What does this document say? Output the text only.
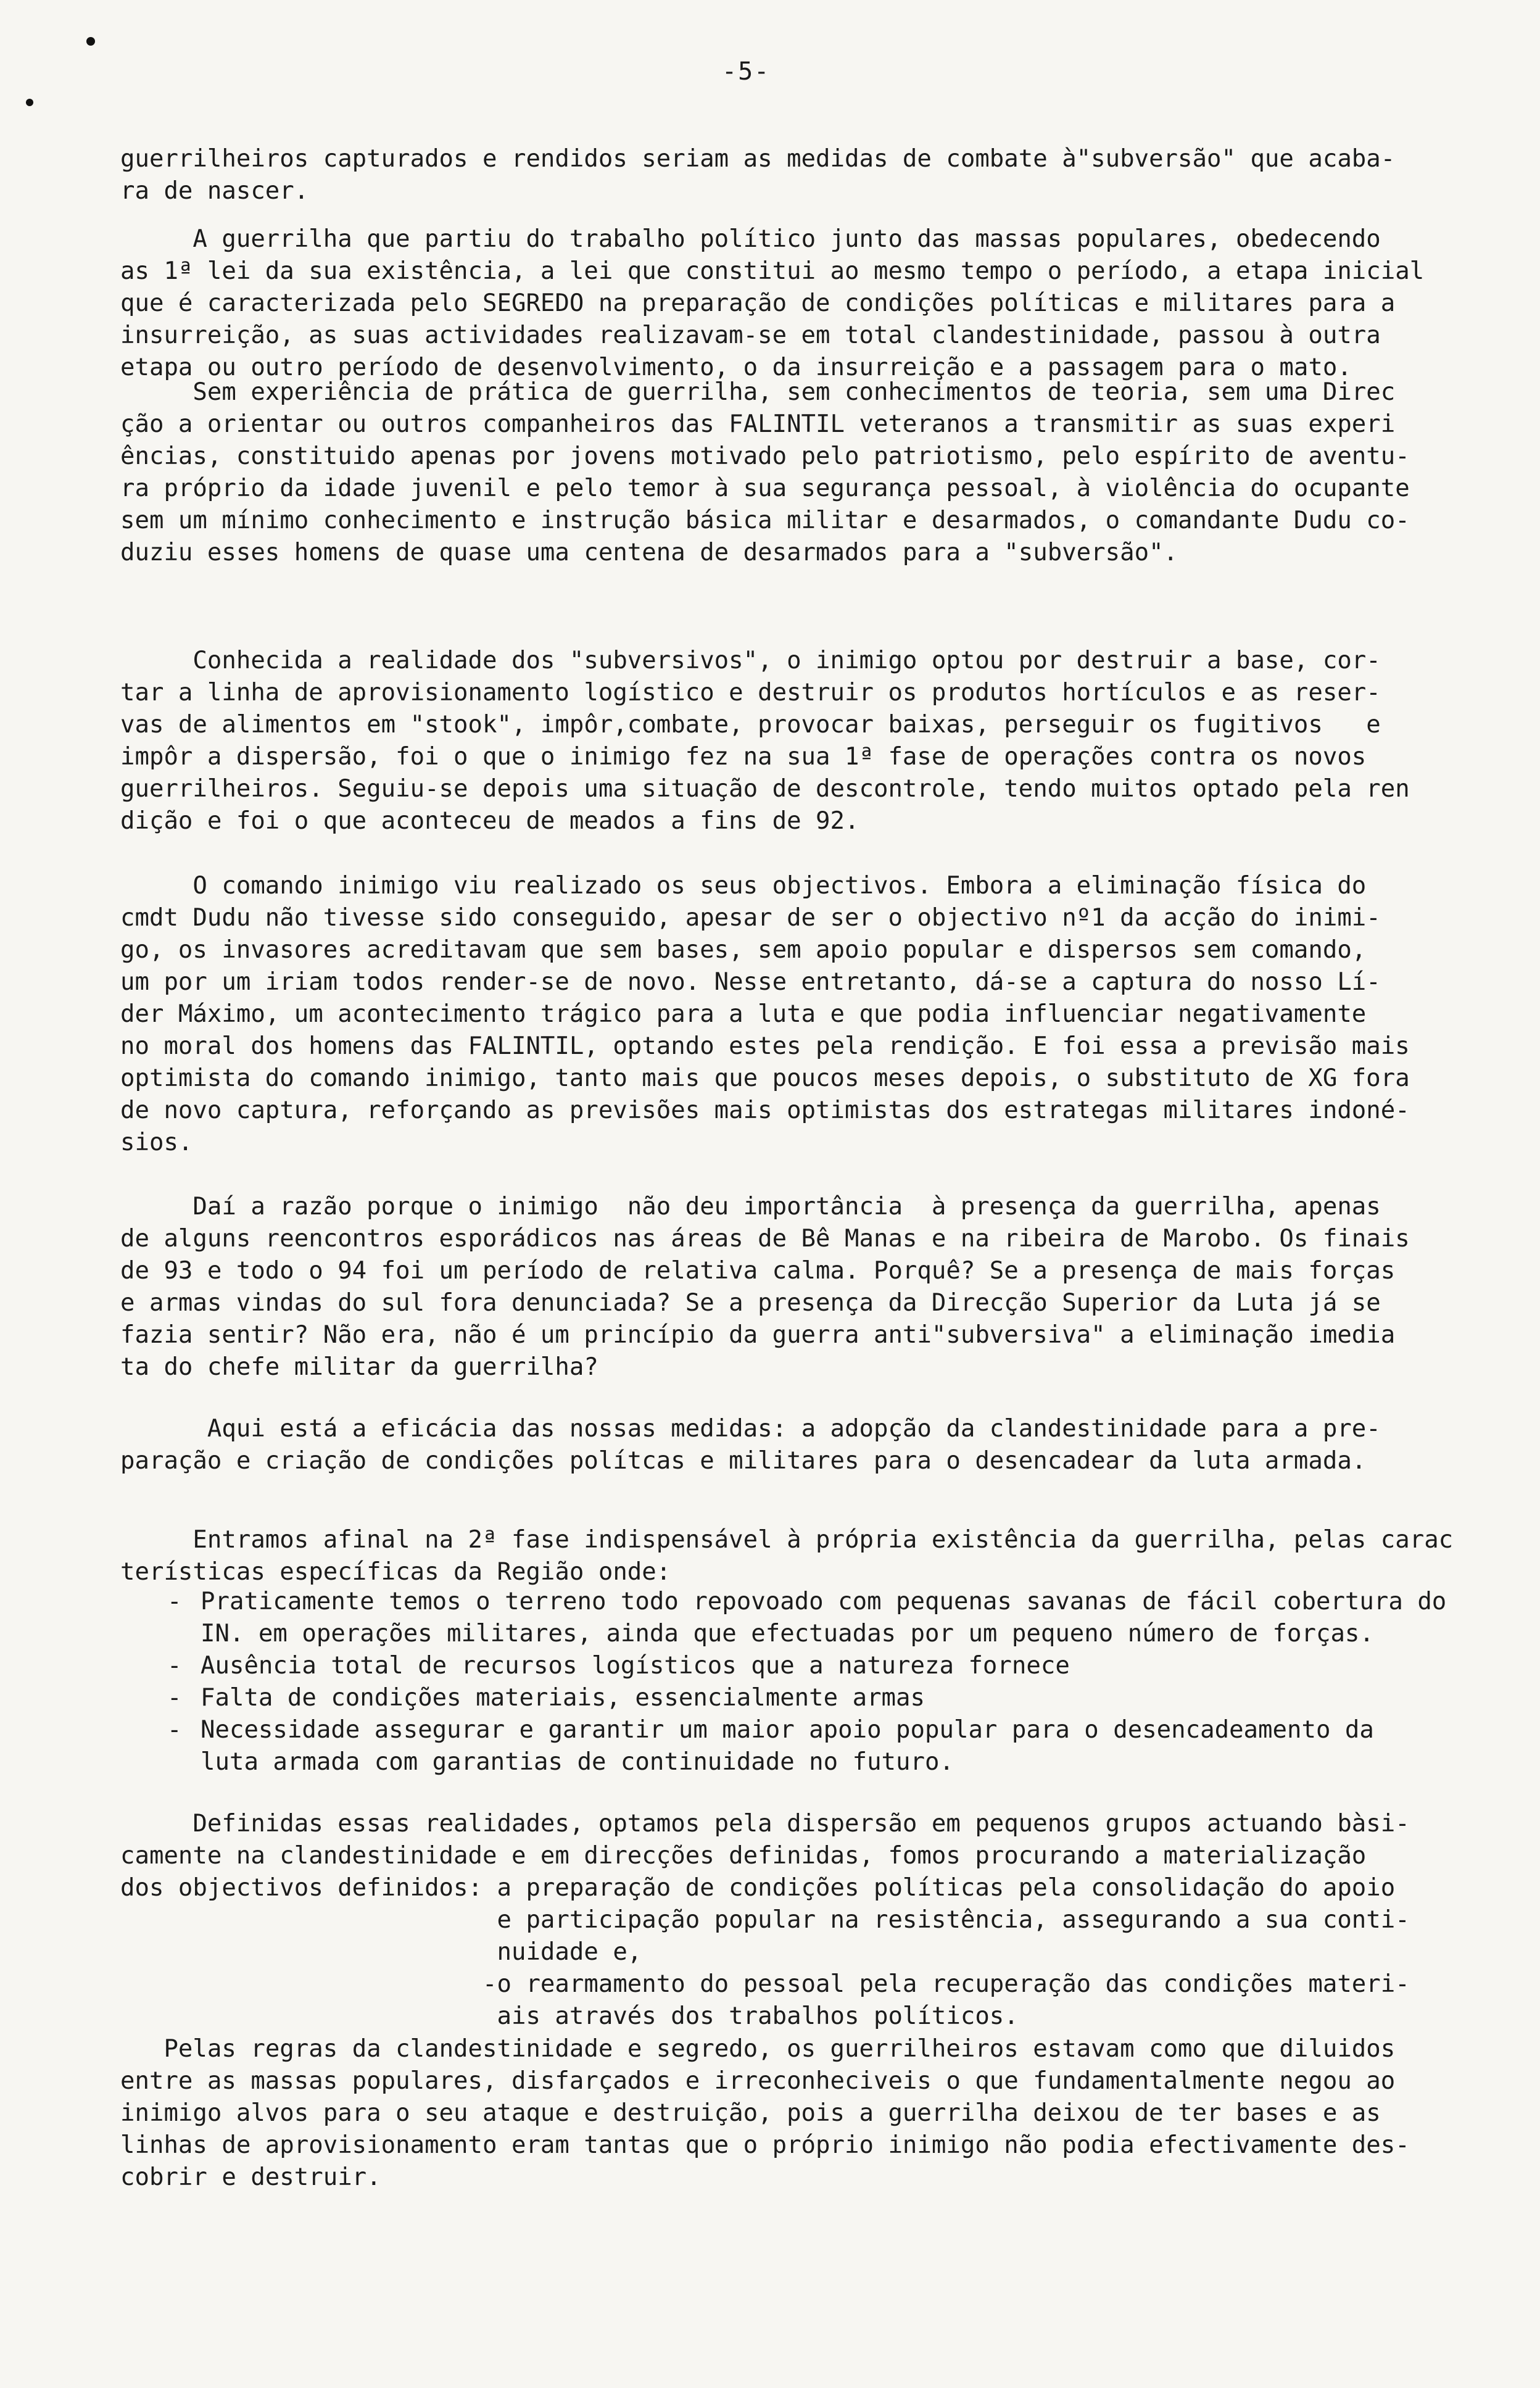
-5-

guerrilheiros capturados e rendidos seriam as medidas de combate à"subversão" que acaba-
ra de nascer.

A guerrilha que partiu do trabalho político junto das massas populares, obedecendo
as 1ª lei da sua existência, a lei que constitui ao mesmo tempo o período, a etapa inicial
que é caracterizada pelo SEGREDO na preparação de condições políticas e militares para a
insurreição, as suas actividades realizavam-se em total clandestinidade, passou à outra
etapa ou outro período de desenvolvimento, o da insurreição e a passagem para o mato.

Sem experiência de prática de guerrilha, sem conhecimentos de teoria, sem uma Direc
ção a orientar ou outros companheiros das FALINTIL veteranos a transmitir as suas experi
ências, constituido apenas por jovens motivado pelo patriotismo, pelo espírito de aventu-
ra próprio da idade juvenil e pelo temor à sua segurança pessoal, à violência do ocupante
sem um mínimo conhecimento e instrução básica militar e desarmados, o comandante Dudu co-
duziu esses homens de quase uma centena de desarmados para a "subversão".

Conhecida a realidade dos "subversivos", o inimigo optou por destruir a base, cor-
tar a linha de aprovisionamento logístico e destruir os produtos hortículos e as reser-
vas de alimentos em "stook", impôr,combate, provocar baixas, perseguir os fugitivos   e
impôr a dispersão, foi o que o inimigo fez na sua 1ª fase de operações contra os novos
guerrilheiros. Seguiu-se depois uma situação de descontrole, tendo muitos optado pela ren
dição e foi o que aconteceu de meados a fins de 92.

O comando inimigo viu realizado os seus objectivos. Embora a eliminação física do
cmdt Dudu não tivesse sido conseguido, apesar de ser o objectivo nº1 da acção do inimi-
go, os invasores acreditavam que sem bases, sem apoio popular e dispersos sem comando,
um por um iriam todos render-se de novo. Nesse entretanto, dá-se a captura do nosso Lí-
der Máximo, um acontecimento trágico para a luta e que podia influenciar negativamente
no moral dos homens das FALINTIL, optando estes pela rendição. E foi essa a previsão mais
optimista do comando inimigo, tanto mais que poucos meses depois, o substituto de XG fora
de novo captura, reforçando as previsões mais optimistas dos estrategas militares indoné-
sios.

Daí a razão porque o inimigo  não deu importância  à presença da guerrilha, apenas
de alguns reencontros esporádicos nas áreas de Bê Manas e na ribeira de Marobo. Os finais
de 93 e todo o 94 foi um período de relativa calma. Porquê? Se a presença de mais forças
e armas vindas do sul fora denunciada? Se a presença da Direcção Superior da Luta já se
fazia sentir? Não era, não é um princípio da guerra anti"subversiva" a eliminação imedia
ta do chefe militar da guerrilha?

Aqui está a eficácia das nossas medidas: a adopção da clandestinidade para a pre-
paração e criação de condições polítcas e militares para o desencadear da luta armada.

Entramos afinal na 2ª fase indispensável à própria existência da guerrilha, pelas carac
terísticas específicas da Região onde:

- Praticamente temos o terreno todo repovoado com pequenas savanas de fácil cobertura do
IN. em operações militares, ainda que efectuadas por um pequeno número de forças.
- Ausência total de recursos logísticos que a natureza fornece
- Falta de condições materiais, essencialmente armas
- Necessidade assegurar e garantir um maior apoio popular para o desencadeamento da
luta armada com garantias de continuidade no futuro.

Definidas essas realidades, optamos pela dispersão em pequenos grupos actuando bàsi-
camente na clandestinidade e em direcções definidas, fomos procurando a materialização
dos objectivos definidos: a preparação de condições políticas pela consolidação do apoio
e participação popular na resistência, assegurando a sua conti-
nuidade e,
-o rearmamento do pessoal pela recuperação das condições materi-
ais através dos trabalhos políticos.

Pelas regras da clandestinidade e segredo, os guerrilheiros estavam como que diluidos
entre as massas populares, disfarçados e irreconheciveis o que fundamentalmente negou ao
inimigo alvos para o seu ataque e destruição, pois a guerrilha deixou de ter bases e as
linhas de aprovisionamento eram tantas que o próprio inimigo não podia efectivamente des-
cobrir e destruir.
